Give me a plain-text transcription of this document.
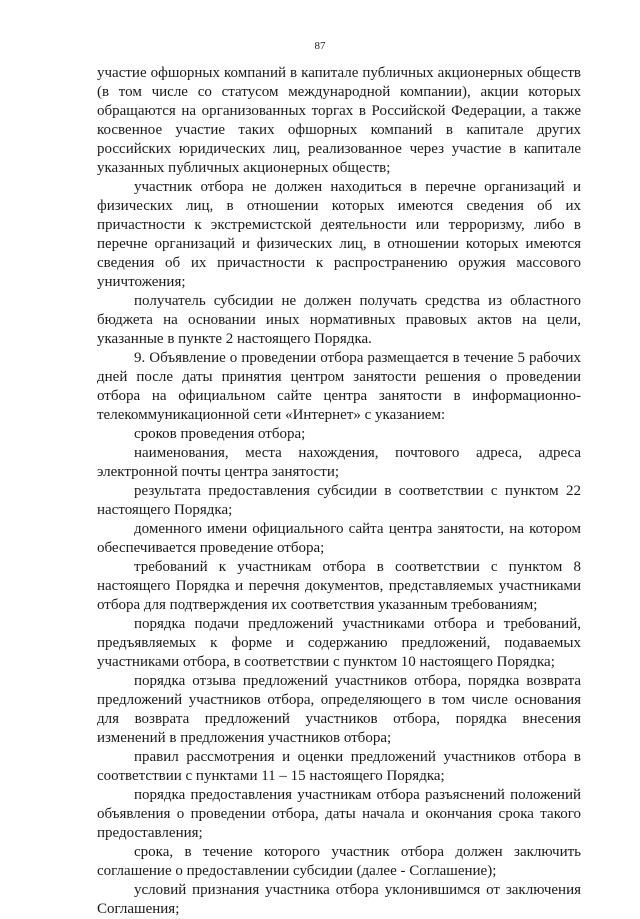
87

участие офшорных компаний в капитале публичных акционерных обществ (в том числе со статусом международной компании), акции которых обращаются на организованных торгах в Российской Федерации, а также косвенное участие таких офшорных компаний в капитале других российских юридических лиц, реализованное через участие в капитале указанных публичных акционерных обществ;

участник отбора не должен находиться в перечне организаций и физических лиц, в отношении которых имеются сведения об их причастности к экстремистской деятельности или терроризму, либо в перечне организаций и физических лиц, в отношении которых имеются сведения об их причастности к распространению оружия массового уничтожения;

получатель субсидии не должен получать средства из областного бюджета на основании иных нормативных правовых актов на цели, указанные в пункте 2 настоящего Порядка.

9. Объявление о проведении отбора размещается в течение 5 рабочих дней после даты принятия центром занятости решения о проведении отбора на официальном сайте центра занятости в информационно-телекоммуникационной сети «Интернет» с указанием:

сроков проведения отбора;

наименования, места нахождения, почтового адреса, адреса электронной почты центра занятости;

результата предоставления субсидии в соответствии с пунктом 22 настоящего Порядка;

доменного имени официального сайта центра занятости, на котором обеспечивается проведение отбора;

требований к участникам отбора в соответствии с пунктом 8 настоящего Порядка и перечня документов, представляемых участниками отбора для подтверждения их соответствия указанным требованиям;

порядка подачи предложений участниками отбора и требований, предъявляемых к форме и содержанию предложений, подаваемых участниками отбора, в соответствии с пунктом 10 настоящего Порядка;

порядка отзыва предложений участников отбора, порядка возврата предложений участников отбора, определяющего в том числе основания для возврата предложений участников отбора, порядка внесения изменений в предложения участников отбора;

правил рассмотрения и оценки предложений участников отбора в соответствии с пунктами 11 – 15 настоящего Порядка;

порядка предоставления участникам отбора разъяснений положений объявления о проведении отбора, даты начала и окончания срока такого предоставления;

срока, в течение которого участник отбора должен заключить соглашение о предоставлении субсидии (далее - Соглашение);

условий признания участника отбора уклонившимся от заключения Соглашения;
